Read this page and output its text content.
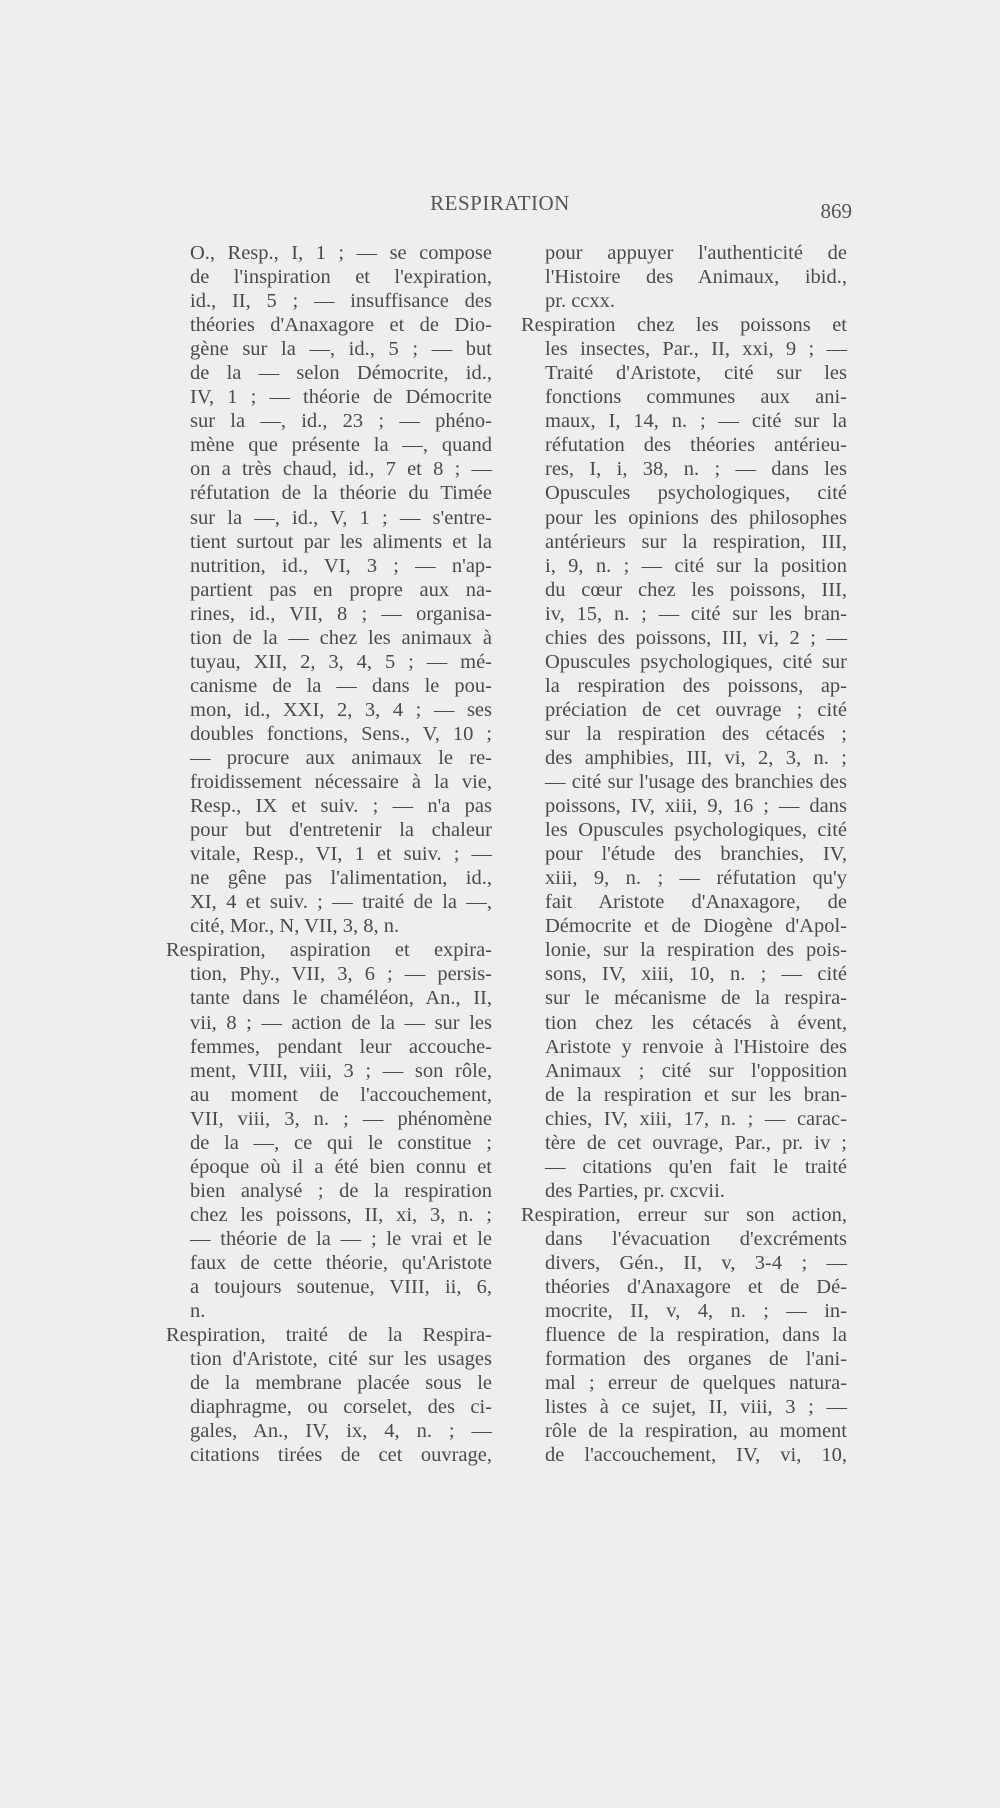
RESPIRATION	869
O., Resp., I, 1 ; — se compose
de l'inspiration et l'expiration,
id., II, 5 ; — insuffisance des
théories d'Anaxagore et de Dio-
gène sur la —, id., 5 ; — but
de la — selon Démocrite, id.,
IV, 1 ; — théorie de Démocrite
sur la —, id., 23 ; — phéno-
mène que présente la —, quand
on a très chaud, id., 7 et 8 ; —
réfutation de la théorie du Timée
sur la —, id., V, 1 ; — s'entre-
tient surtout par les aliments et la
nutrition, id., VI, 3 ; — n'ap-
partient pas en propre aux na-
rines, id., VII, 8 ; — organisa-
tion de la — chez les animaux à
tuyau, XII, 2, 3, 4, 5 ; — mé-
canisme de la — dans le pou-
mon, id., XXI, 2, 3, 4 ; — ses
doubles fonctions, Sens., V, 10 ;
— procure aux animaux le re-
froidissement nécessaire à la vie,
Resp., IX et suiv. ; — n'a pas
pour but d'entretenir la chaleur
vitale, Resp., VI, 1 et suiv. ; —
ne gêne pas l'alimentation, id.,
XI, 4 et suiv. ; — traité de la —,
cité, Mor., N, VII, 3, 8, n.
Respiration, aspiration et expira-
tion, Phy., VII, 3, 6 ; — persis-
tante dans le chaméléon, An., II,
vii, 8 ; — action de la — sur les
femmes, pendant leur accouche-
ment, VIII, viii, 3 ; — son rôle,
au moment de l'accouchement,
VII, viii, 3, n. ; — phénomène
de la —, ce qui le constitue ;
époque où il a été bien connu et
bien analysé ; de la respiration
chez les poissons, II, xi, 3, n. ;
— théorie de la — ; le vrai et le
faux de cette théorie, qu'Aristote
a toujours soutenue, VIII, ii, 6,
n.
Respiration, traité de la Respira-
tion d'Aristote, cité sur les usages
de la membrane placée sous le
diaphragme, ou corselet, des ci-
gales, An., IV, ix, 4, n. ; —
citations tirées de cet ouvrage,
pour appuyer l'authenticité de
l'Histoire des Animaux, ibid.,
pr. ccxx.
Respiration chez les poissons et
les insectes, Par., II, xxi, 9 ; —
Traité d'Aristote, cité sur les
fonctions communes aux ani-
maux, I, 14, n. ; — cité sur la
réfutation des théories antérieu-
res, I, i, 38, n. ; — dans les
Opuscules psychologiques, cité
pour les opinions des philosophes
antérieurs sur la respiration, III,
i, 9, n. ; — cité sur la position
du cœur chez les poissons, III,
iv, 15, n. ; — cité sur les bran-
chies des poissons, III, vi, 2 ; —
Opuscules psychologiques, cité sur
la respiration des poissons, ap-
préciation de cet ouvrage ; cité
sur la respiration des cétacés ;
des amphibies, III, vi, 2, 3, n. ;
— cité sur l'usage des branchies des
poissons, IV, xiii, 9, 16 ; — dans
les Opuscules psychologiques, cité
pour l'étude des branchies, IV,
xiii, 9, n. ; — réfutation qu'y
fait Aristote d'Anaxagore, de
Démocrite et de Diogène d'Apol-
lonie, sur la respiration des pois-
sons, IV, xiii, 10, n. ; — cité
sur le mécanisme de la respira-
tion chez les cétacés à évent,
Aristote y renvoie à l'Histoire des
Animaux ; cité sur l'opposition
de la respiration et sur les bran-
chies, IV, xiii, 17, n. ; — carac-
tère de cet ouvrage, Par., pr. iv ;
— citations qu'en fait le traité
des Parties, pr. cxcvii.
Respiration, erreur sur son action,
dans l'évacuation d'excréments
divers, Gén., II, v, 3-4 ; —
théories d'Anaxagore et de Dé-
mocrite, II, v, 4, n. ; — in-
fluence de la respiration, dans la
formation des organes de l'ani-
mal ; erreur de quelques natura-
listes à ce sujet, II, viii, 3 ; —
rôle de la respiration, au moment
de l'accouchement, IV, vi, 10,
